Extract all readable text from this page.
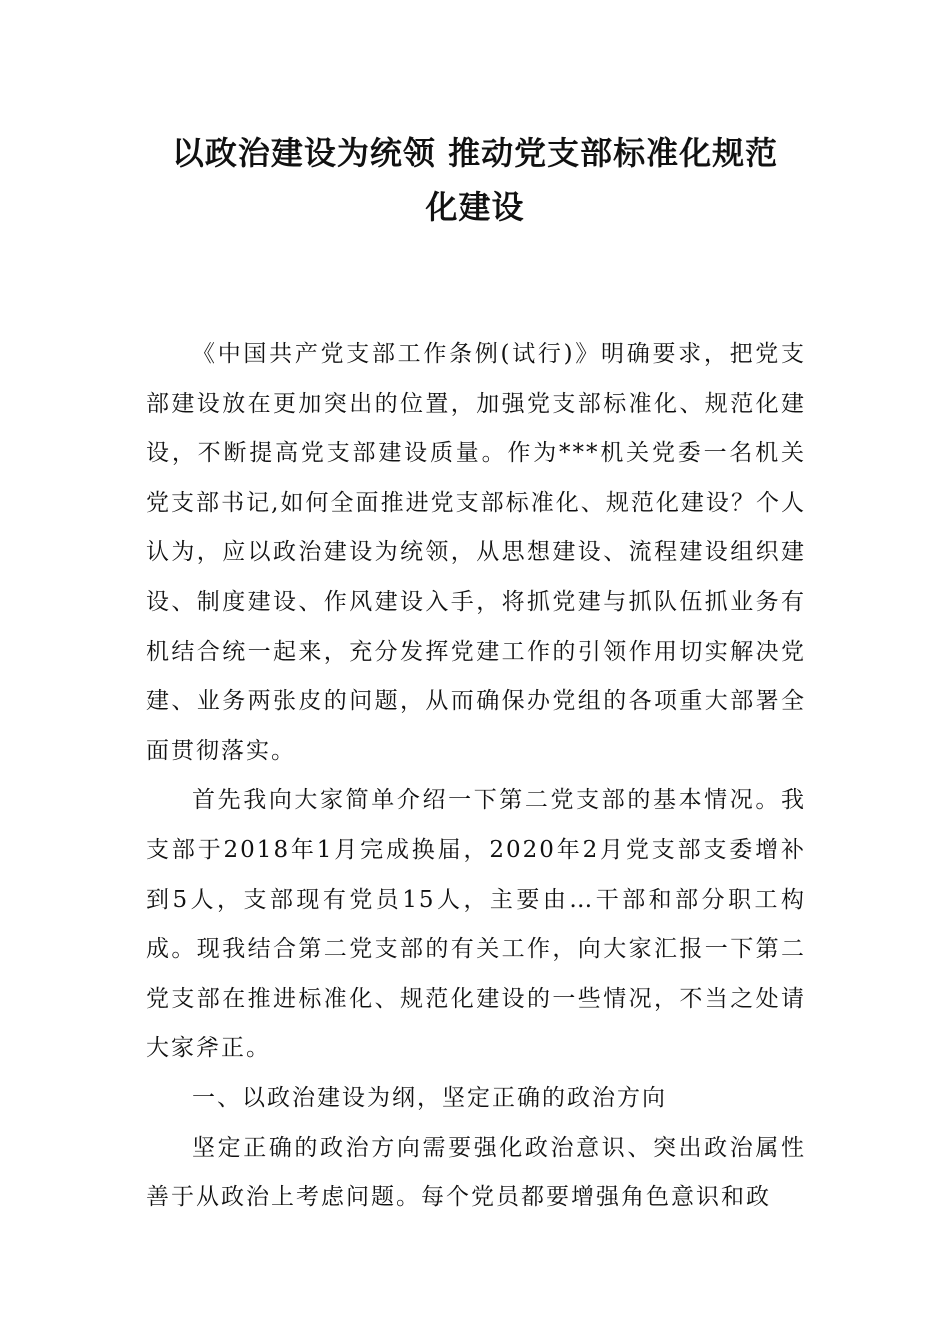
以政治建设为统领 推动党支部标准化规范
化建设

《中国共产党支部工作条例(试行)》明确要求，把党支部建设放在更加突出的位置，加强党支部标准化、规范化建设，不断提高党支部建设质量。作为***机关党委一名机关党支部书记,如何全面推进党支部标准化、规范化建设？个人认为，应以政治建设为统领，从思想建设、流程建设组织建设、制度建设、作风建设入手，将抓党建与抓队伍抓业务有机结合统一起来，充分发挥党建工作的引领作用切实解决党建、业务两张皮的问题，从而确保办党组的各项重大部署全面贯彻落实。

首先我向大家简单介绍一下第二党支部的基本情况。我支部于2018年1月完成换届，2020年2月党支部支委增补到5人，支部现有党员15人，主要由…干部和部分职工构成。现我结合第二党支部的有关工作，向大家汇报一下第二党支部在推进标准化、规范化建设的一些情况，不当之处请大家斧正。

一、以政治建设为纲，坚定正确的政治方向

坚定正确的政治方向需要强化政治意识、突出政治属性善于从政治上考虑问题。每个党员都要增强角色意识和政
